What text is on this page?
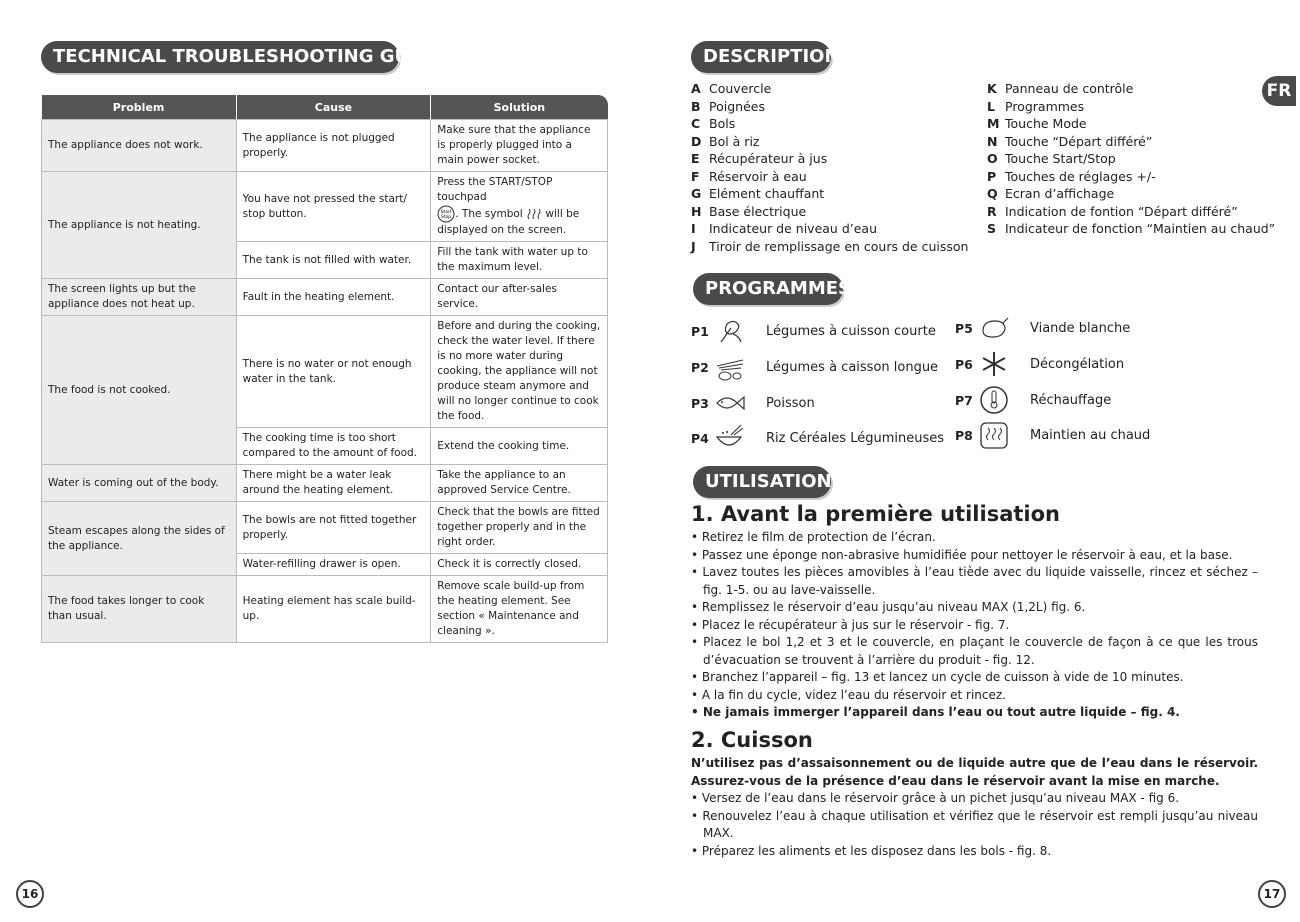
TECHNICAL TROUBLESHOOTING GUIDE
Problem	Cause	Solution
The appliance does not work.	The appliance is not plugged properly.	Make sure that the appliance is properly plugged into a main power socket.
The appliance is not heating.	You have not pressed the start/ stop button.	Press the START/STOP touchpad

Start
Stop . The symbol will be displayed on the screen.
	The tank is not filled with water.	Fill the tank with water up to the maximum level.
The screen lights up but the appliance does not heat up.	Fault in the heating element.	Contact our after-sales service.
The food is not cooked.	There is no water or not enough water in the tank.	Before and during the cooking, check the water level. If there is no more water during cooking, the appliance will not produce steam anymore and will no longer continue to cook the food.
	The cooking time is too short compared to the amount of food.	Extend the cooking time.
Water is coming out of the body.	There might be a water leak around the heating element.	Take the appliance to an approved Service Centre.
Steam escapes along the sides of the appliance.	The bowls are not fitted together properly.	Check that the bowls are fitted together properly and in the right order.
	Water-refilling drawer is open.	Check it is correctly closed.
The food takes longer to cook than usual.	Heating element has scale build-up.	Remove scale build-up from the heating element. See section « Maintenance and cleaning ».
16
DESCRIPTION
FR
A Couvercle
B Poignées
C Bols
D Bol à riz
E Récupérateur à jus
F Réservoir à eau
G Elément chauffant
H Base électrique
I Indicateur de niveau d’eau
J Tiroir de remplissage en cours de cuisson
K Panneau de contrôle
L Programmes
M Touche Mode
N Touche “Départ différé”
O Touche Start/Stop
P Touches de réglages +/-
Q Ecran d’affichage
R Indication de fontion “Départ différé”
S Indicateur de fonction “Maintien au chaud”
PROGRAMMES
P1	Légumes à cuisson courte
P2	Légumes à caisson longue
P3	Poisson
P4	Riz Céréales Légumineuses
P5	Viande blanche
P6	Décongélation
P7	Réchauffage
P8	Maintien au chaud
UTILISATION
1. Avant la première utilisation
• Retirez le film de protection de l’écran.
• Passez une éponge non-abrasive humidifiée pour nettoyer le réservoir à eau, et la base.
• Lavez toutes les pièces amovibles à l’eau tiède avec du liquide vaisselle, rincez et séchez – fig. 1-5. ou au lave-vaisselle.
• Remplissez le réservoir d’eau jusqu’au niveau MAX (1,2L) fig. 6.
• Placez le récupérateur à jus sur le réservoir - fig. 7.
• Placez le bol 1,2 et 3 et le couvercle, en plaçant le couvercle de façon à ce que les trous d’évacuation se trouvent à l’arrière du produit - fig. 12.
• Branchez l’appareil – fig. 13 et lancez un cycle de cuisson à vide de 10 minutes.
• A la fin du cycle, videz l’eau du réservoir et rincez.
• Ne jamais immerger l’appareil dans l’eau ou tout autre liquide – fig. 4.
2. Cuisson
N’utilisez pas d’assaisonnement ou de liquide autre que de l’eau dans le réservoir. Assurez-vous de la présence d’eau dans le réservoir avant la mise en marche.
• Versez de l’eau dans le réservoir grâce à un pichet jusqu’au niveau MAX - fig 6.
• Renouvelez l’eau à chaque utilisation et vérifiez que le réservoir est rempli jusqu’au niveau MAX.
• Préparez les aliments et les disposez dans les bols - fig. 8.
17
